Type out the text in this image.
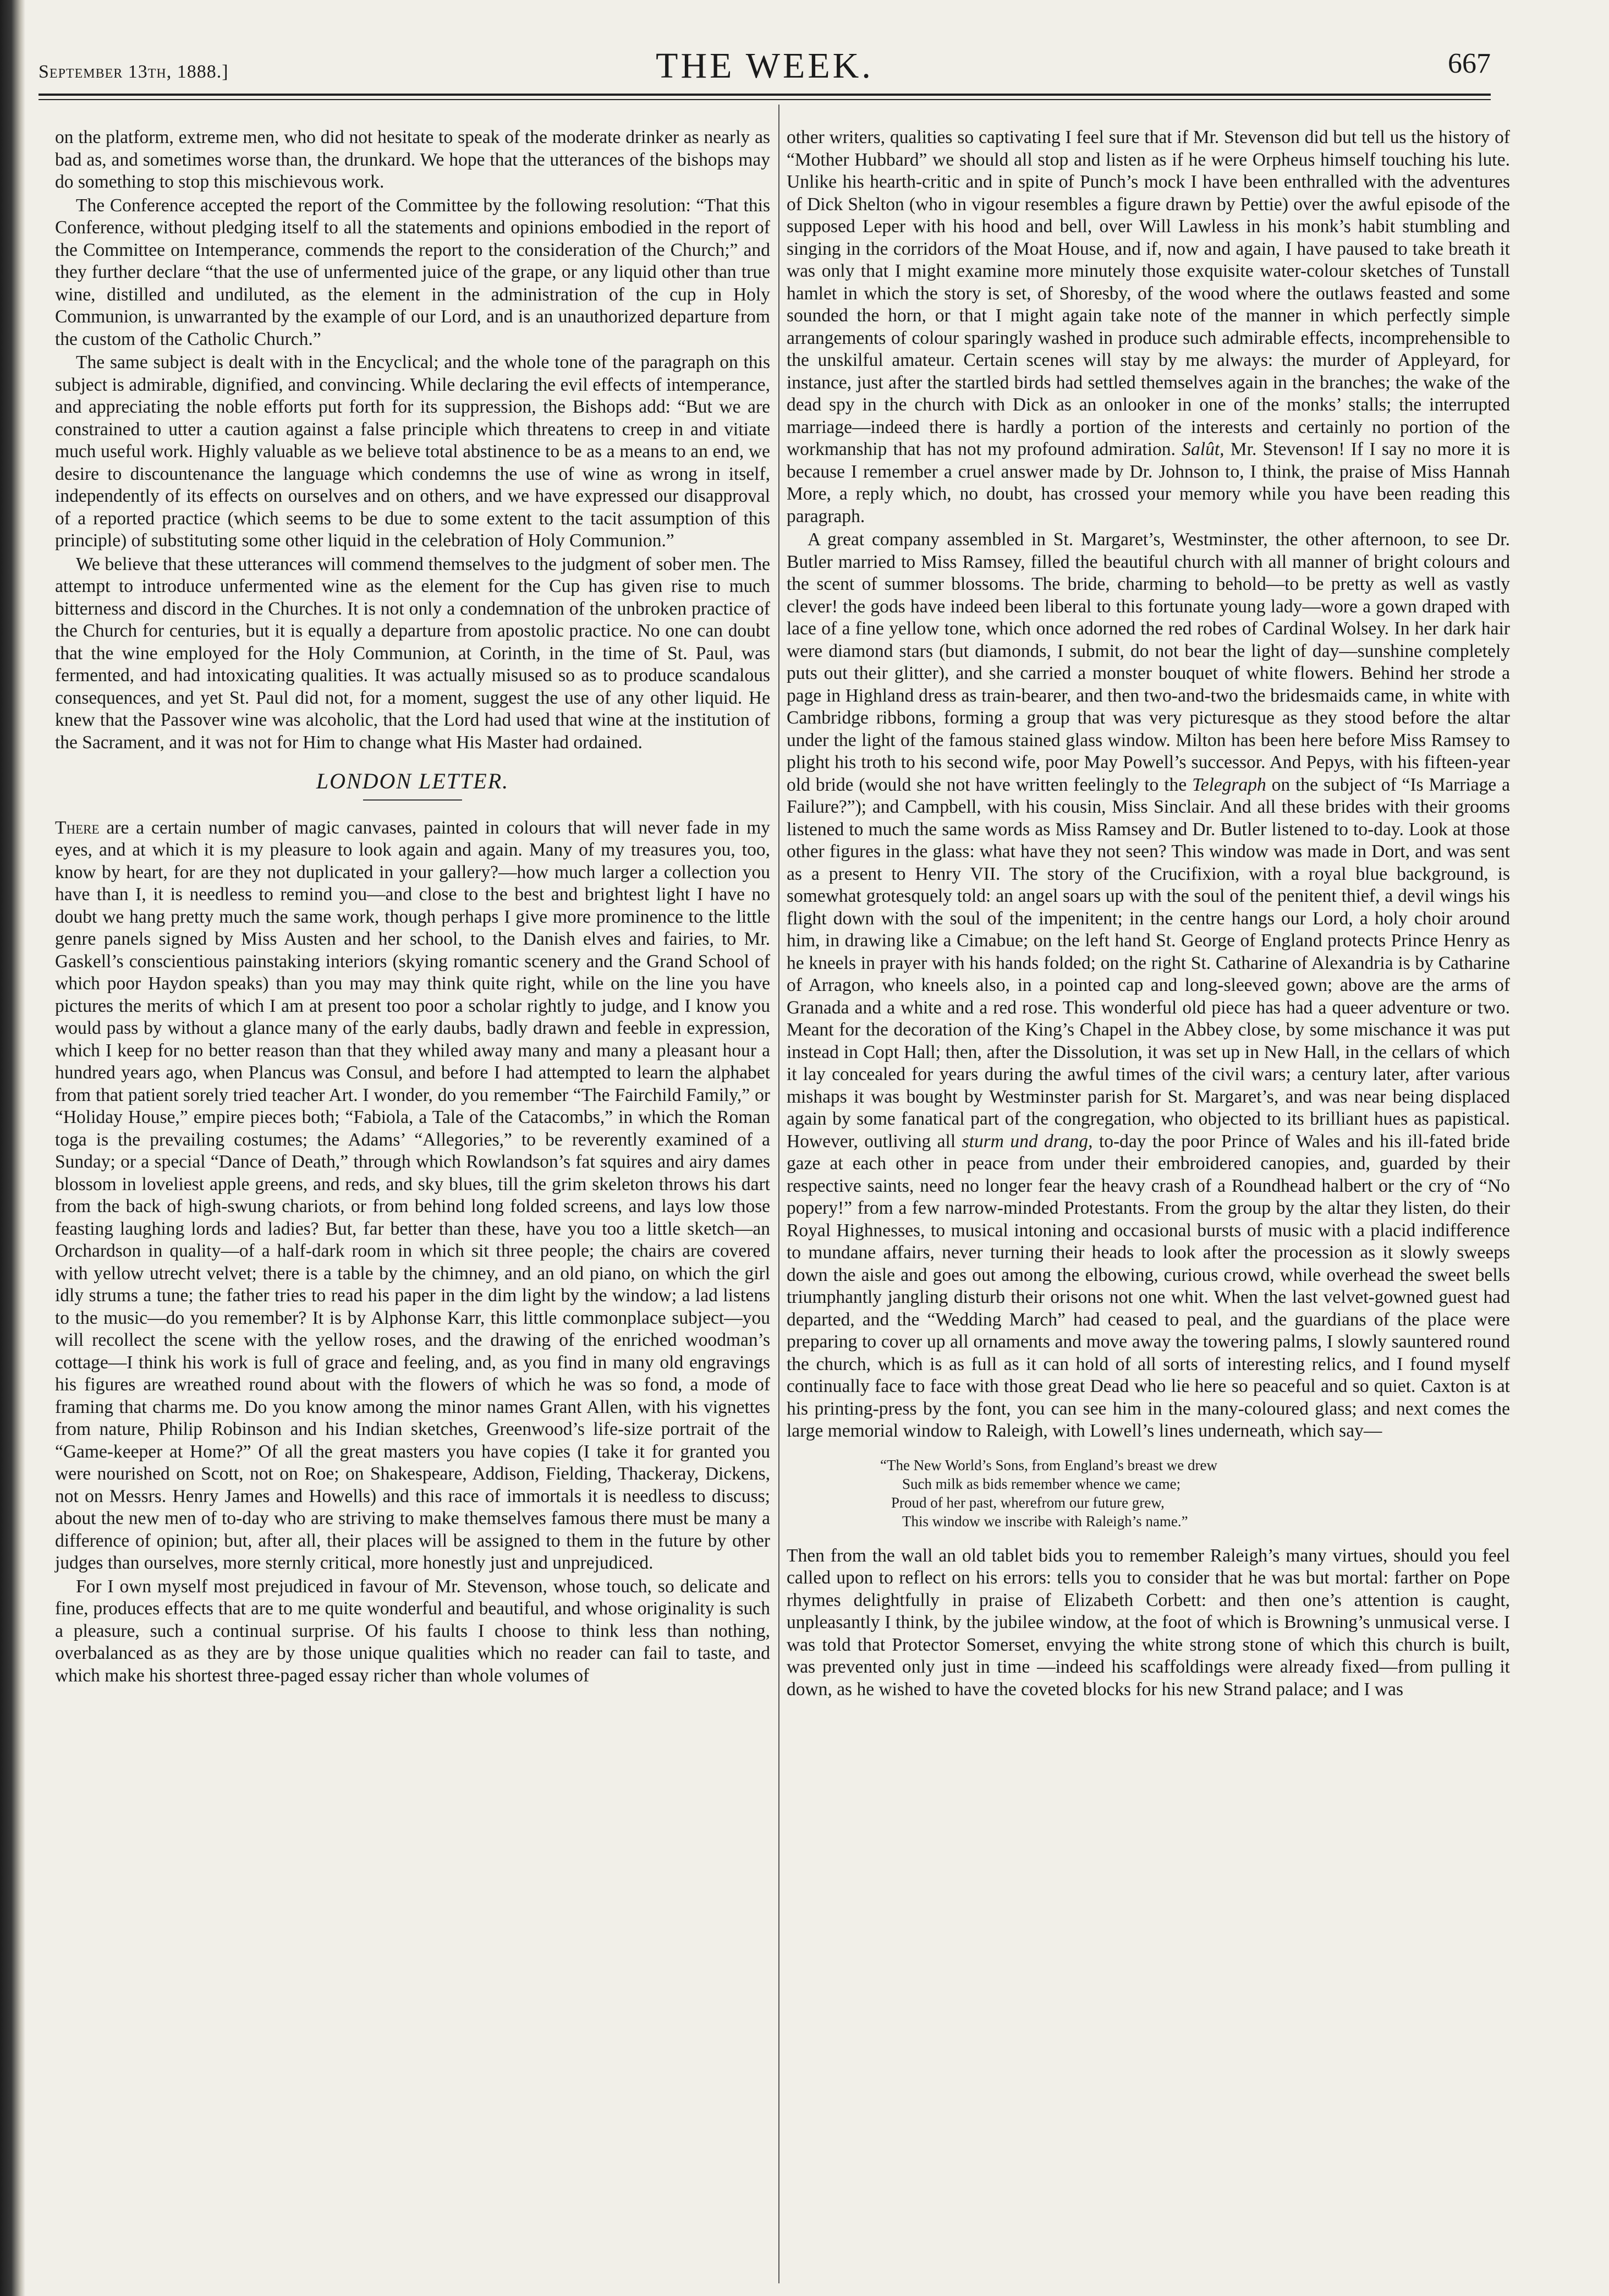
September 13th, 1888.]	THE WEEK.	667

on the platform, extreme men, who did not hesitate to speak of the moderate drinker as nearly as bad as, and sometimes worse than, the drunkard. We hope that the utterances of the bishops may do something to stop this mischievous work.

The Conference accepted the report of the Committee by the following resolution: “That this Conference, without pledging itself to all the statements and opinions embodied in the report of the Committee on Intemperance, commends the report to the consideration of the Church;” and they further declare “that the use of unfermented juice of the grape, or any liquid other than true wine, distilled and undiluted, as the element in the administration of the cup in Holy Communion, is unwarranted by the example of our Lord, and is an unauthorized departure from the custom of the Catholic Church.”

The same subject is dealt with in the Encyclical; and the whole tone of the paragraph on this subject is admirable, dignified, and convincing. While declaring the evil effects of intemperance, and appreciating the noble efforts put forth for its suppression, the Bishops add: “But we are constrained to utter a caution against a false principle which threatens to creep in and vitiate much useful work. Highly valuable as we believe total abstinence to be as a means to an end, we desire to discountenance the language which condemns the use of wine as wrong in itself, independently of its effects on ourselves and on others, and we have expressed our disapproval of a reported practice (which seems to be due to some extent to the tacit assumption of this principle) of substituting some other liquid in the celebration of Holy Communion.”

We believe that these utterances will commend themselves to the judgment of sober men. The attempt to introduce unfermented wine as the element for the Cup has given rise to much bitterness and discord in the Churches. It is not only a condemnation of the unbroken practice of the Church for centuries, but it is equally a departure from apostolic practice. No one can doubt that the wine employed for the Holy Communion, at Corinth, in the time of St. Paul, was fermented, and had intoxicating qualities. It was actually misused so as to produce scandalous consequences, and yet St. Paul did not, for a moment, suggest the use of any other liquid. He knew that the Passover wine was alcoholic, that the Lord had used that wine at the institution of the Sacrament, and it was not for Him to change what His Master had ordained.

LONDON LETTER.

There are a certain number of magic canvases, painted in colours that will never fade in my eyes, and at which it is my pleasure to look again and again. Many of my treasures you, too, know by heart, for are they not duplicated in your gallery?—how much larger a collection you have than I, it is needless to remind you—and close to the best and brightest light I have no doubt we hang pretty much the same work, though perhaps I give more prominence to the little genre panels signed by Miss Austen and her school, to the Danish elves and fairies, to Mr. Gaskell’s conscientious painstaking interiors (skying romantic scenery and the Grand School of which poor Haydon speaks) than you may may think quite right, while on the line you have pictures the merits of which I am at present too poor a scholar rightly to judge, and I know you would pass by without a glance many of the early daubs, badly drawn and feeble in expression, which I keep for no better reason than that they whiled away many and many a pleasant hour a hundred years ago, when Plancus was Consul, and before I had attempted to learn the alphabet from that patient sorely tried teacher Art. I wonder, do you remember “The Fairchild Family,” or “Holiday House,” empire pieces both; “Fabiola, a Tale of the Catacombs,” in which the Roman toga is the prevailing costumes; the Adams’ “Allegories,” to be reverently examined of a Sunday; or a special “Dance of Death,” through which Rowlandson’s fat squires and airy dames blossom in loveliest apple greens, and reds, and sky blues, till the grim skeleton throws his dart from the back of high-swung chariots, or from behind long folded screens, and lays low those feasting laughing lords and ladies? But, far better than these, have you too a little sketch—an Orchardson in quality—of a half-dark room in which sit three people; the chairs are covered with yellow utrecht velvet; there is a table by the chimney, and an old piano, on which the girl idly strums a tune; the father tries to read his paper in the dim light by the window; a lad listens to the music—do you remember? It is by Alphonse Karr, this little commonplace subject—you will recollect the scene with the yellow roses, and the drawing of the enriched woodman’s cottage—I think his work is full of grace and feeling, and, as you find in many old engravings his figures are wreathed round about with the flowers of which he was so fond, a mode of framing that charms me. Do you know among the minor names Grant Allen, with his vignettes from nature, Philip Robinson and his Indian sketches, Greenwood’s life-size portrait of the “Game-keeper at Home?” Of all the great masters you have copies (I take it for granted you were nourished on Scott, not on Roe; on Shakespeare, Addison, Fielding, Thackeray, Dickens, not on Messrs. Henry James and Howells) and this race of immortals it is needless to discuss; about the new men of to-day who are striving to make themselves famous there must be many a difference of opinion; but, after all, their places will be assigned to them in the future by other judges than ourselves, more sternly critical, more honestly just and unprejudiced.

For I own myself most prejudiced in favour of Mr. Stevenson, whose touch, so delicate and fine, produces effects that are to me quite wonderful and beautiful, and whose originality is such a pleasure, such a continual surprise. Of his faults I choose to think less than nothing, overbalanced as as they are by those unique qualities which no reader can fail to taste, and which make his shortest three-paged essay richer than whole volumes of

other writers, qualities so captivating I feel sure that if Mr. Stevenson did but tell us the history of “Mother Hubbard” we should all stop and listen as if he were Orpheus himself touching his lute. Unlike his hearth-critic and in spite of Punch’s mock I have been enthralled with the adventures of Dick Shelton (who in vigour resembles a figure drawn by Pettie) over the awful episode of the supposed Leper with his hood and bell, over Will Lawless in his monk’s habit stumbling and singing in the corridors of the Moat House, and if, now and again, I have paused to take breath it was only that I might examine more minutely those exquisite water-colour sketches of Tunstall hamlet in which the story is set, of Shoresby, of the wood where the outlaws feasted and some sounded the horn, or that I might again take note of the manner in which perfectly simple arrangements of colour sparingly washed in produce such admirable effects, incomprehensible to the unskilful amateur. Certain scenes will stay by me always: the murder of Appleyard, for instance, just after the startled birds had settled themselves again in the branches; the wake of the dead spy in the church with Dick as an onlooker in one of the monks’ stalls; the interrupted marriage—indeed there is hardly a portion of the interests and certainly no portion of the workmanship that has not my profound admiration. Salût, Mr. Stevenson! If I say no more it is because I remember a cruel answer made by Dr. Johnson to, I think, the praise of Miss Hannah More, a reply which, no doubt, has crossed your memory while you have been reading this paragraph.

A great company assembled in St. Margaret’s, Westminster, the other afternoon, to see Dr. Butler married to Miss Ramsey, filled the beautiful church with all manner of bright colours and the scent of summer blossoms. The bride, charming to behold—to be pretty as well as vastly clever! the gods have indeed been liberal to this fortunate young lady—wore a gown draped with lace of a fine yellow tone, which once adorned the red robes of Cardinal Wolsey. In her dark hair were diamond stars (but diamonds, I submit, do not bear the light of day—sunshine completely puts out their glitter), and she carried a monster bouquet of white flowers. Behind her strode a page in Highland dress as train-bearer, and then two-and-two the bridesmaids came, in white with Cambridge ribbons, forming a group that was very picturesque as they stood before the altar under the light of the famous stained glass window. Milton has been here before Miss Ramsey to plight his troth to his second wife, poor May Powell’s successor. And Pepys, with his fifteen-year old bride (would she not have written feelingly to the Telegraph on the subject of “Is Marriage a Failure?”); and Campbell, with his cousin, Miss Sinclair. And all these brides with their grooms listened to much the same words as Miss Ramsey and Dr. Butler listened to to-day. Look at those other figures in the glass: what have they not seen? This window was made in Dort, and was sent as a present to Henry VII. The story of the Crucifixion, with a royal blue background, is somewhat grotesquely told: an angel soars up with the soul of the penitent thief, a devil wings his flight down with the soul of the impenitent; in the centre hangs our Lord, a holy choir around him, in drawing like a Cimabue; on the left hand St. George of England protects Prince Henry as he kneels in prayer with his hands folded; on the right St. Catharine of Alexandria is by Catharine of Arragon, who kneels also, in a pointed cap and long-sleeved gown; above are the arms of Granada and a white and a red rose. This wonderful old piece has had a queer adventure or two. Meant for the decoration of the King’s Chapel in the Abbey close, by some mischance it was put instead in Copt Hall; then, after the Dissolution, it was set up in New Hall, in the cellars of which it lay concealed for years during the awful times of the civil wars; a century later, after various mishaps it was bought by Westminster parish for St. Margaret’s, and was near being displaced again by some fanatical part of the congregation, who objected to its brilliant hues as papistical. However, outliving all sturm und drang, to-day the poor Prince of Wales and his ill-fated bride gaze at each other in peace from under their embroidered canopies, and, guarded by their respective saints, need no longer fear the heavy crash of a Roundhead halbert or the cry of “No popery!” from a few narrow-minded Protestants. From the group by the altar they listen, do their Royal Highnesses, to musical intoning and occasional bursts of music with a placid indifference to mundane affairs, never turning their heads to look after the procession as it slowly sweeps down the aisle and goes out among the elbowing, curious crowd, while overhead the sweet bells triumphantly jangling disturb their orisons not one whit. When the last velvet-gowned guest had departed, and the “Wedding March” had ceased to peal, and the guardians of the place were preparing to cover up all ornaments and move away the towering palms, I slowly sauntered round the church, which is as full as it can hold of all sorts of interesting relics, and I found myself continually face to face with those great Dead who lie here so peaceful and so quiet. Caxton is at his printing-press by the font, you can see him in the many-coloured glass; and next comes the large memorial window to Raleigh, with Lowell’s lines underneath, which say—

“The New World’s Sons, from England’s breast we drew
Such milk as bids remember whence we came;
Proud of her past, wherefrom our future grew,
This window we inscribe with Raleigh’s name.”

Then from the wall an old tablet bids you to remember Raleigh’s many virtues, should you feel called upon to reflect on his errors: tells you to consider that he was but mortal: farther on Pope rhymes delightfully in praise of Elizabeth Corbett: and then one’s attention is caught, unpleasantly I think, by the jubilee window, at the foot of which is Browning’s unmusical verse. I was told that Protector Somerset, envying the white strong stone of which this church is built, was prevented only just in time —indeed his scaffoldings were already fixed—from pulling it down, as he wished to have the coveted blocks for his new Strand palace; and I was
